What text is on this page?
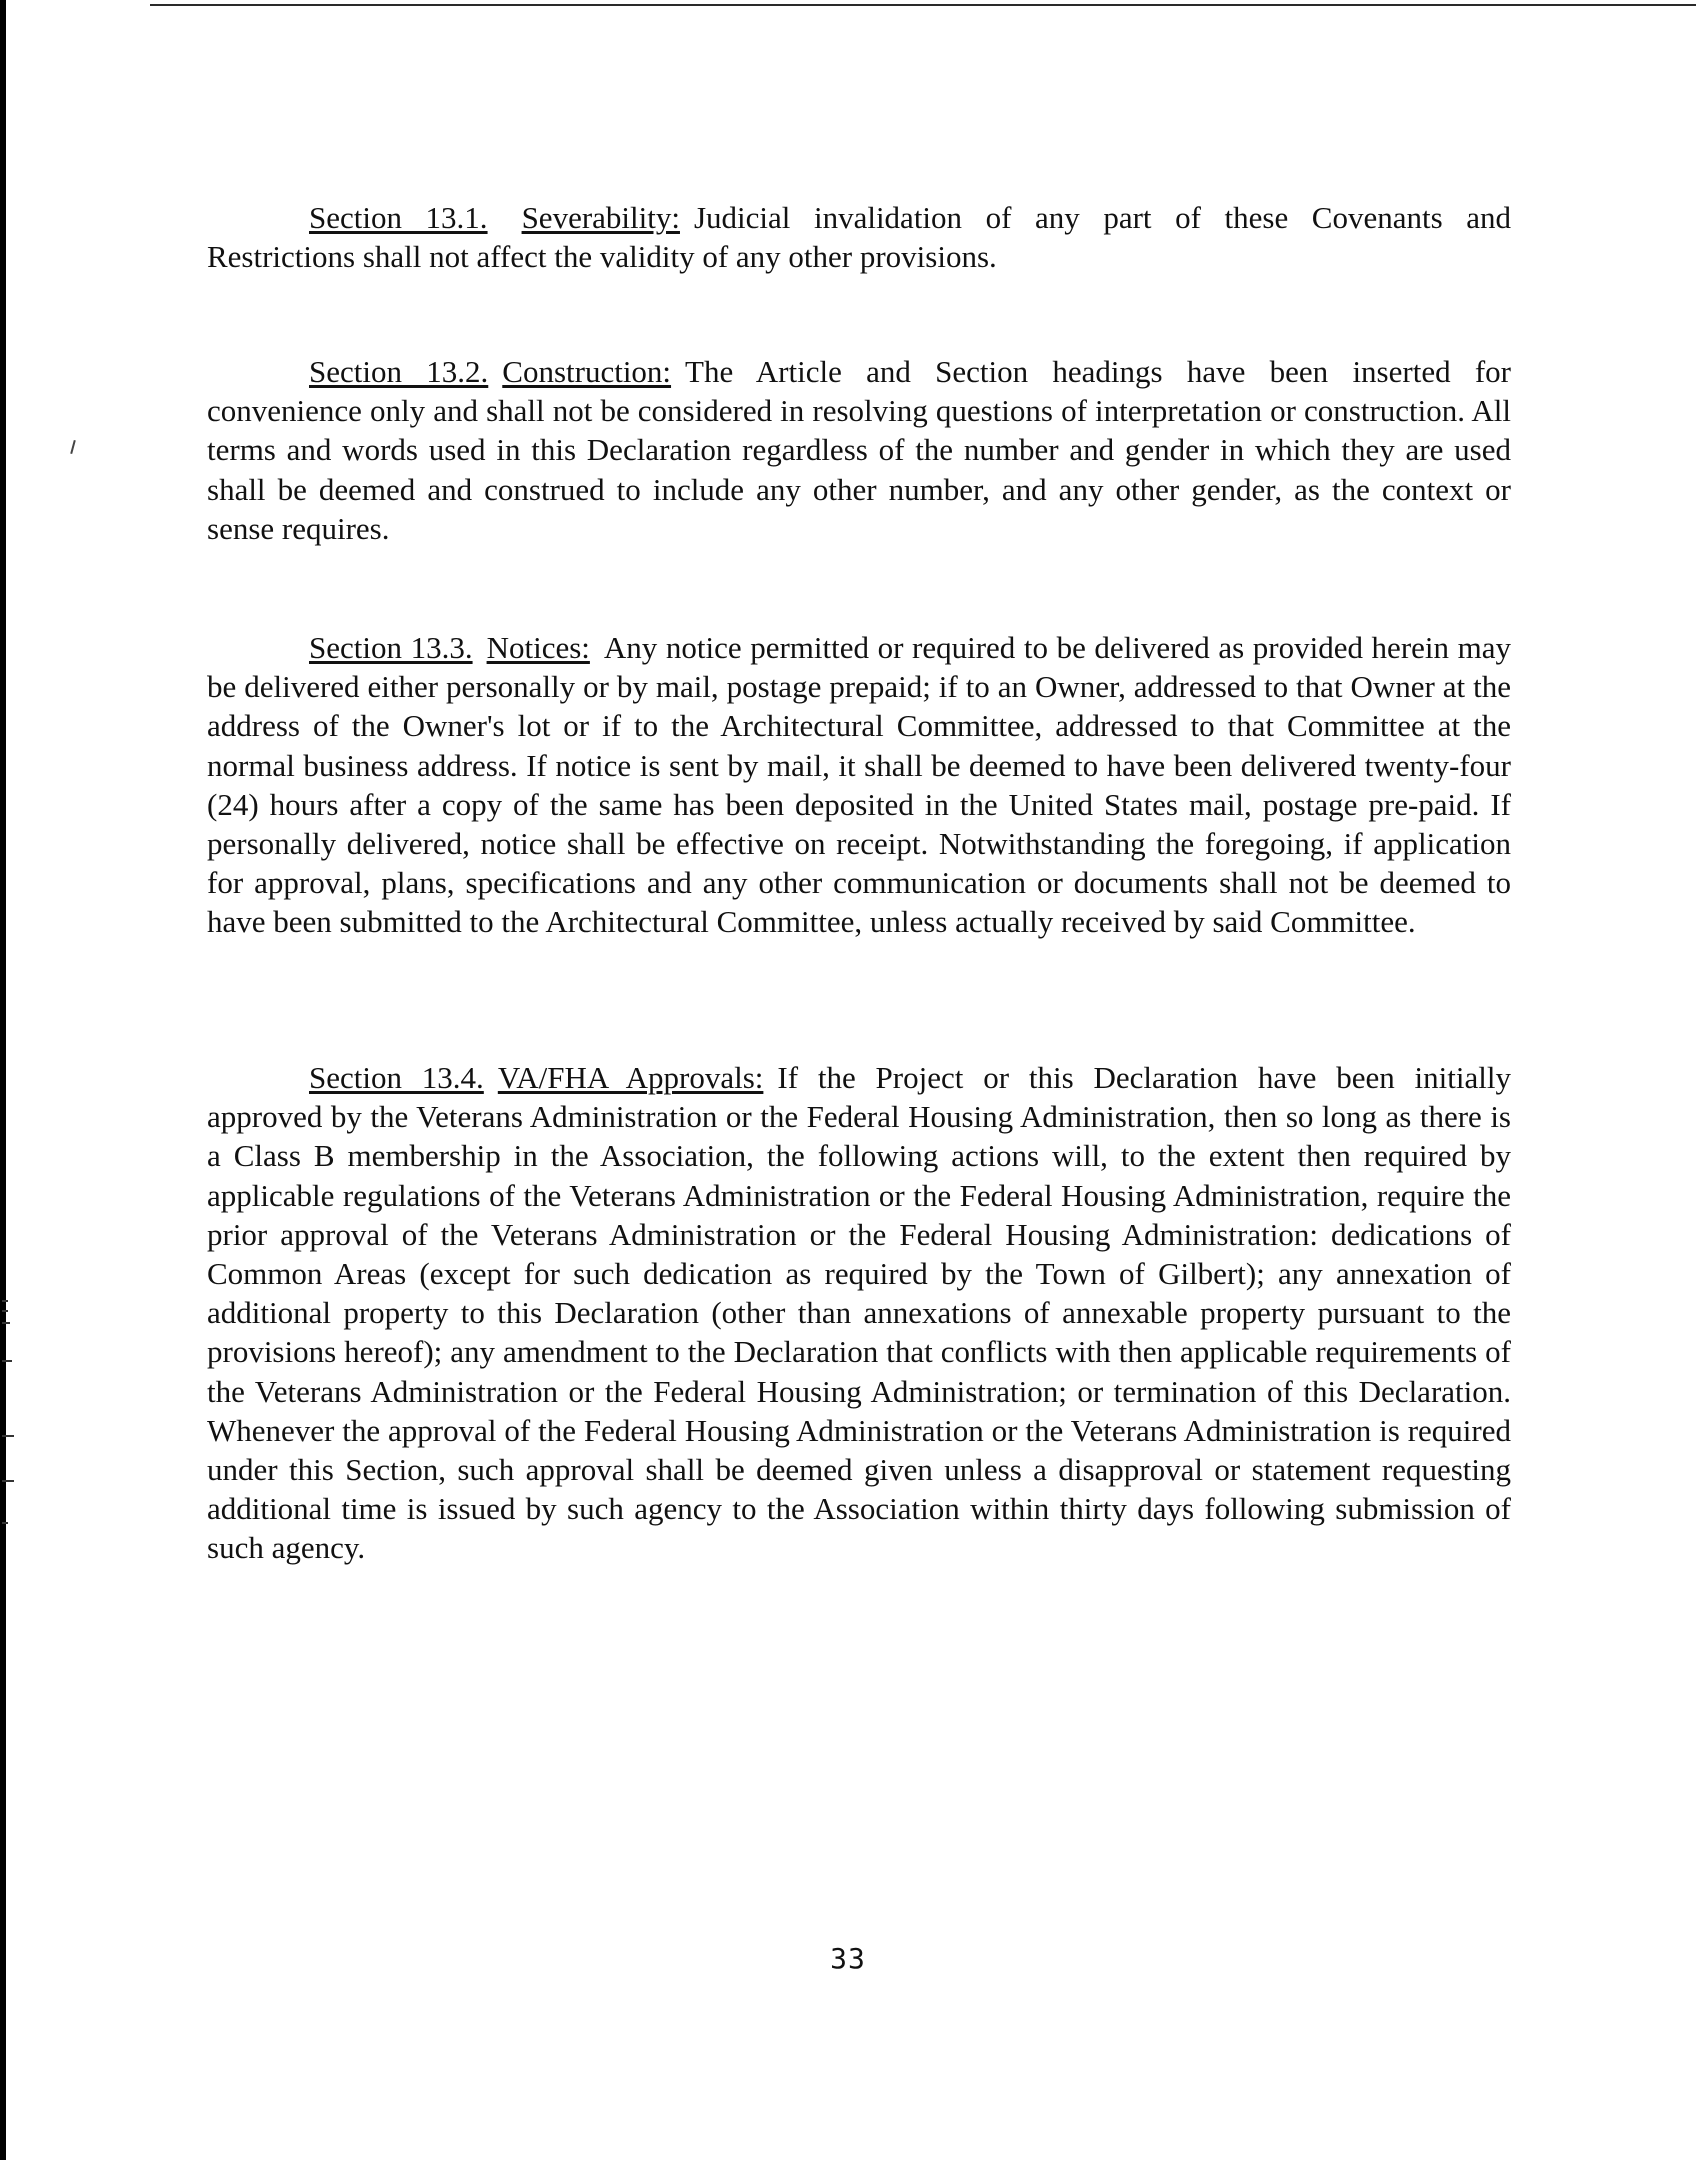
Section 13.1. Severability: Judicial invalidation of any part of these Covenants and Restrictions shall not affect the validity of any other provisions.

Section 13.2. Construction: The Article and Section headings have been inserted for convenience only and shall not be considered in resolving questions of interpretation or construction. All terms and words used in this Declaration regardless of the number and gender in which they are used shall be deemed and construed to include any other number, and any other gender, as the context or sense requires.

Section 13.3. Notices: Any notice permitted or required to be delivered as provided herein may be delivered either personally or by mail, postage prepaid; if to an Owner, addressed to that Owner at the address of the Owner's lot or if to the Architectural Committee, addressed to that Committee at the normal business address. If notice is sent by mail, it shall be deemed to have been delivered twenty-four (24) hours after a copy of the same has been deposited in the United States mail, postage pre-paid. If personally delivered, notice shall be effective on receipt. Notwithstanding the foregoing, if application for approval, plans, specifications and any other communication or documents shall not be deemed to have been submitted to the Architectural Committee, unless actually received by said Committee.

Section 13.4. VA/FHA Approvals: If the Project or this Declaration have been initially approved by the Veterans Administration or the Federal Housing Administration, then so long as there is a Class B membership in the Association, the following actions will, to the extent then required by applicable regulations of the Veterans Administration or the Federal Housing Administration, require the prior approval of the Veterans Administration or the Federal Housing Administration: dedications of Common Areas (except for such dedication as required by the Town of Gilbert); any annexation of additional property to this Declaration (other than annexations of annexable property pursuant to the provisions hereof); any amendment to the Declaration that conflicts with then applicable requirements of the Veterans Administration or the Federal Housing Administration; or termination of this Declaration. Whenever the approval of the Federal Housing Administration or the Veterans Administration is required under this Section, such approval shall be deemed given unless a disapproval or statement requesting additional time is issued by such agency to the Association within thirty days following submission of such agency.

33
